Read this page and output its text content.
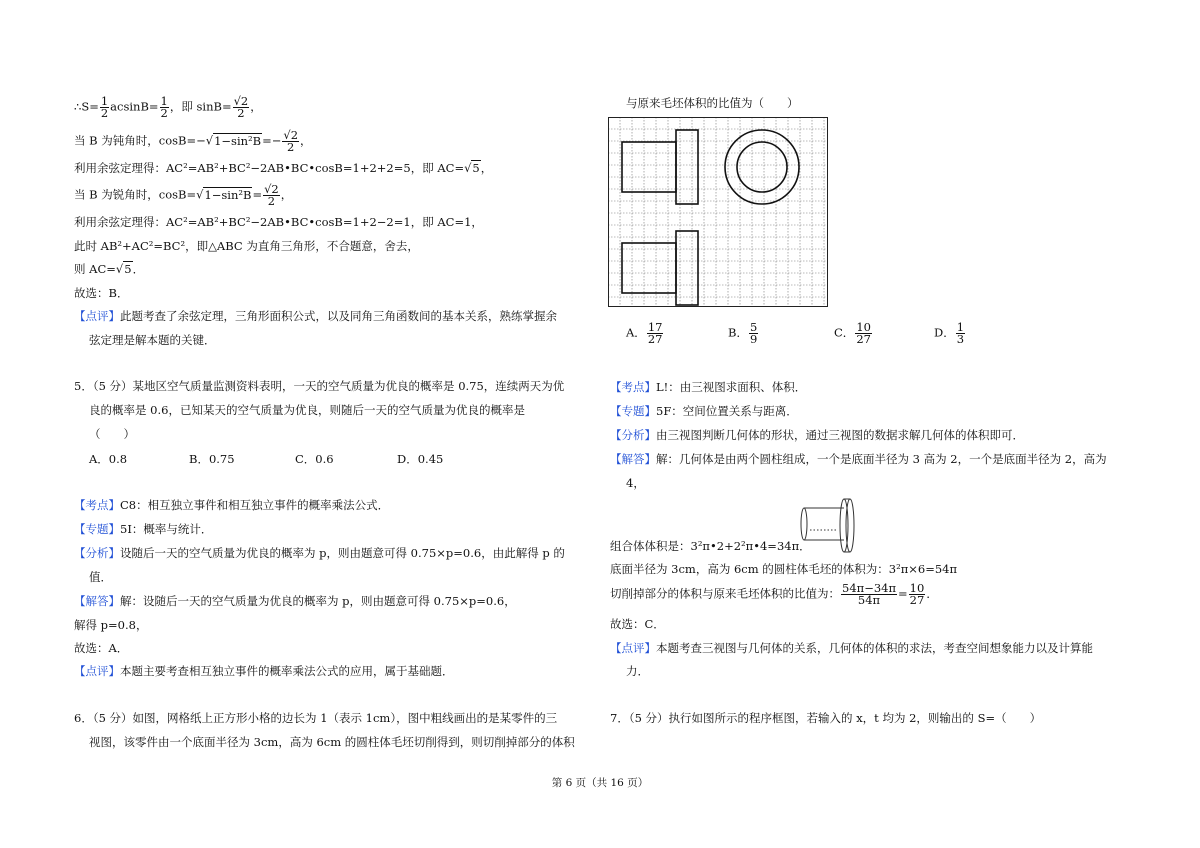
∴S= $\frac{1}{2} acsinB= \frac{1}{2}$ ，即 $\sin B= \frac{√2}{2}$ ，
当 B 为钝角时，$\cos B=-√1-\sin^2B=- \frac{√2}{2}$ ，
利用余弦定理得：AC²=AB²+BC²−2AB•BC•cosB=1+2+2=5，即 AC=√5，
当 B 为锐角时，$\cos B=√1-\sin^2B= \frac{√2}{2}$ ，
利用余弦定理得：AC²=AB²+BC²−2AB•BC•cosB=1+2−2=1，即 AC=1，
此时 AB²+AC²=BC²，即△ABC 为直角三角形，不合题意，舍去，
则 AC=√5．
故选：B．
【点评】此题考查了余弦定理，三角形面积公式，以及同角三角函数间的基本关系，熟练掌握余
弦定理是解本题的关键．
5．（5 分）某地区空气质量监测资料表明，一天的空气质量为优良的概率是 0.75，连续两天为优
良的概率是 0.6，已知某天的空气质量为优良，则随后一天的空气质量为优良的概率是
（　　）
A．0.8	B．0.75	C．0.6	D．0.45
【考点】C8：相互独立事件和相互独立事件的概率乘法公式．
【专题】5I：概率与统计．
【分析】设随后一天的空气质量为优良的概率为 p，则由题意可得 0.75×p=0.6，由此解得 p 的
值．
【解答】解：设随后一天的空气质量为优良的概率为 p，则由题意可得 0.75×p=0.6，
解得 p=0.8，
故选：A．
【点评】本题主要考查相互独立事件的概率乘法公式的应用，属于基础题．
6．（5 分）如图，网格纸上正方形小格的边长为 1（表示 1cm），图中粗线画出的是某零件的三
视图，该零件由一个底面半径为 3cm，高为 6cm 的圆柱体毛坯切削得到，则切削掉部分的体积
与原来毛坯体积的比值为（　　）
A． $\frac{17}{27}$	B． $\frac{5}{9}$	C． $\frac{10}{27}$	D． $\frac{1}{3}$
【考点】L!：由三视图求面积、体积．
【专题】5F：空间位置关系与距离．
【分析】由三视图判断几何体的形状，通过三视图的数据求解几何体的体积即可．
【解答】解：几何体是由两个圆柱组成，一个是底面半径为 3 高为 2，一个是底面半径为 2，高为
4，
组合体体积是：3²π•2+2²π•4=34π．
底面半径为 3cm，高为 6cm 的圆柱体毛坯的体积为：3²π×6=54π
切削掉部分的体积与原来毛坯体积的比值为： $\frac{54\pi-34\pi}{54\pi} = \frac{10}{27}$ ．
故选：C．
【点评】本题考查三视图与几何体的关系，几何体的体积的求法，考查空间想象能力以及计算能
力．
7．（5 分）执行如图所示的程序框图，若输入的 x，t 均为 2，则输出的 S=（　　）
第 6 页（共 16 页）
